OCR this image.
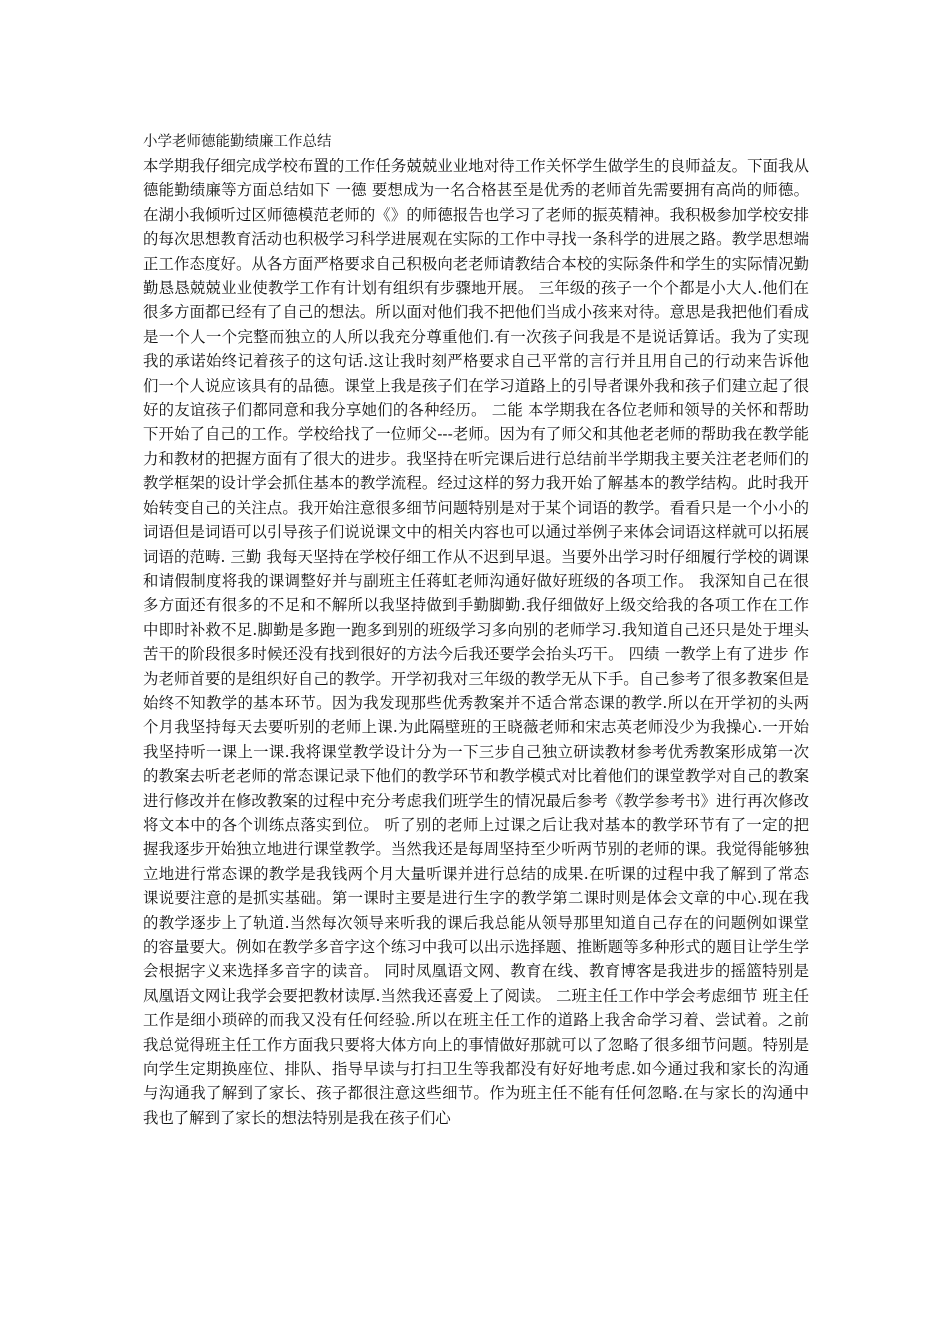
小学老师德能勤绩廉工作总结

本学期我仔细完成学校布置的工作任务兢兢业业地对待工作关怀学生做学生的良师益友。下面我从德能勤绩廉等方面总结如下 一德 要想成为一名合格甚至是优秀的老师首先需要拥有高尚的师德。在湖小我倾听过区师德模范老师的《》的师德报告也学习了老师的振英精神。我积极参加学校安排的每次思想教育活动也积极学习科学进展观在实际的工作中寻找一条科学的进展之路。教学思想端正工作态度好。从各方面严格要求自己积极向老老师请教结合本校的实际条件和学生的实际情况勤勤恳恳兢兢业业使教学工作有计划有组织有步骤地开展。 三年级的孩子一个个都是小大人.他们在很多方面都已经有了自己的想法。所以面对他们我不把他们当成小孩来对待。意思是我把他们看成是一个人一个完整而独立的人所以我充分尊重他们.有一次孩子问我是不是说话算话。我为了实现我的承诺始终记着孩子的这句话.这让我时刻严格要求自己平常的言行并且用自己的行动来告诉他们一个人说应该具有的品德。课堂上我是孩子们在学习道路上的引导者课外我和孩子们建立起了很好的友谊孩子们都同意和我分享她们的各种经历。 二能 本学期我在各位老师和领导的关怀和帮助下开始了自己的工作。学校给找了一位师父---老师。因为有了师父和其他老老师的帮助我在教学能力和教材的把握方面有了很大的进步。我坚持在听完课后进行总结前半学期我主要关注老老师们的教学框架的设计学会抓住基本的教学流程。经过这样的努力我开始了解基本的教学结构。此时我开始转变自己的关注点。我开始注意很多细节问题特别是对于某个词语的教学。看看只是一个小小的词语但是词语可以引导孩子们说说课文中的相关内容也可以通过举例子来体会词语这样就可以拓展词语的范畴. 三勤 我每天坚持在学校仔细工作从不迟到早退。当要外出学习时仔细履行学校的调课和请假制度将我的课调整好并与副班主任蒋虹老师沟通好做好班级的各项工作。 我深知自己在很多方面还有很多的不足和不解所以我坚持做到手勤脚勤.我仔细做好上级交给我的各项工作在工作中即时补救不足.脚勤是多跑一跑多到别的班级学习多向别的老师学习.我知道自己还只是处于埋头苦干的阶段很多时候还没有找到很好的方法今后我还要学会抬头巧干。 四绩 一教学上有了进步 作为老师首要的是组织好自己的教学。开学初我对三年级的教学无从下手。自己参考了很多教案但是始终不知教学的基本环节。因为我发现那些优秀教案并不适合常态课的教学.所以在开学初的头两个月我坚持每天去要听别的老师上课.为此隔壁班的王晓薇老师和宋志英老师没少为我操心.一开始我坚持听一课上一课.我将课堂教学设计分为一下三步自己独立研读教材参考优秀教案形成第一次的教案去听老老师的常态课记录下他们的教学环节和教学模式对比着他们的课堂教学对自己的教案进行修改并在修改教案的过程中充分考虑我们班学生的情况最后参考《教学参考书》进行再次修改将文本中的各个训练点落实到位。 听了别的老师上过课之后让我对基本的教学环节有了一定的把握我逐步开始独立地进行课堂教学。当然我还是每周坚持至少听两节别的老师的课。我觉得能够独立地进行常态课的教学是我钱两个月大量听课并进行总结的成果.在听课的过程中我了解到了常态课说要注意的是抓实基础。第一课时主要是进行生字的教学第二课时则是体会文章的中心.现在我的教学逐步上了轨道.当然每次领导来听我的课后我总能从领导那里知道自己存在的问题例如课堂的容量要大。例如在教学多音字这个练习中我可以出示选择题、推断题等多种形式的题目让学生学会根据字义来选择多音字的读音。 同时凤凰语文网、教育在线、教育博客是我进步的摇篮特别是凤凰语文网让我学会要把教材读厚.当然我还喜爱上了阅读。 二班主任工作中学会考虑细节 班主任工作是细小琐碎的而我又没有任何经验.所以在班主任工作的道路上我舍命学习着、尝试着。之前我总觉得班主任工作方面我只要将大体方向上的事情做好那就可以了忽略了很多细节问题。特别是向学生定期换座位、排队、指导早读与打扫卫生等我都没有好好地考虑.如今通过我和家长的沟通与沟通我了解到了家长、孩子都很注意这些细节。作为班主任不能有任何忽略.在与家长的沟通中我也了解到了家长的想法特别是我在孩子们心
